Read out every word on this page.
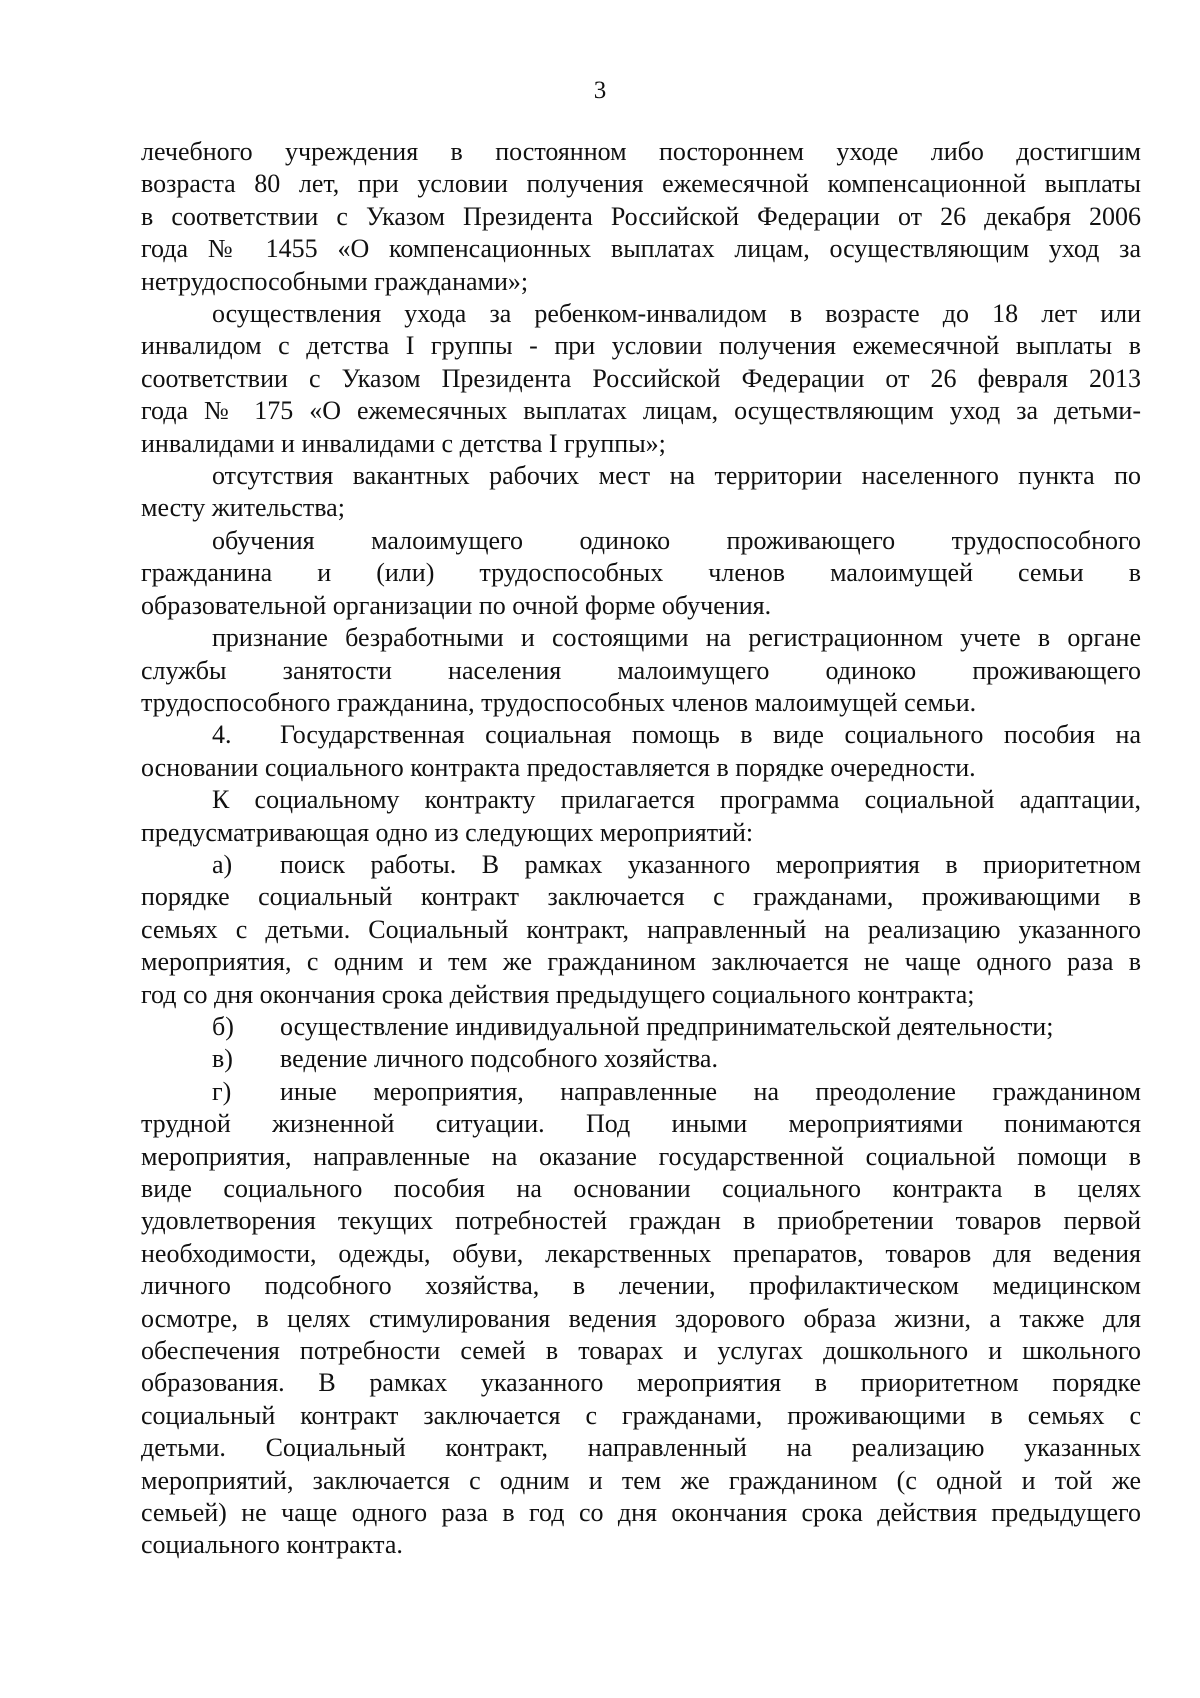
3
лечебного учреждения в постоянном постороннем уходе либо достигшим
возраста 80 лет, при условии получения ежемесячной компенсационной выплаты
в соответствии с Указом Президента Российской Федерации от 26 декабря 2006
года № 1455 «О компенсационных выплатах лицам, осуществляющим уход за
нетрудоспособными гражданами»;
осуществления ухода за ребенком-инвалидом в возрасте до 18 лет или
инвалидом с детства I группы - при условии получения ежемесячной выплаты в
соответствии с Указом Президента Российской Федерации от 26 февраля 2013
года № 175 «О ежемесячных выплатах лицам, осуществляющим уход за детьми-
инвалидами и инвалидами с детства I группы»;
отсутствия вакантных рабочих мест на территории населенного пункта по
месту жительства;
обучения малоимущего одиноко проживающего трудоспособного
гражданина и (или) трудоспособных членов малоимущей семьи в
образовательной организации по очной форме обучения.
признание безработными и состоящими на регистрационном учете в органе
службы занятости населения малоимущего одиноко проживающего
трудоспособного гражданина, трудоспособных членов малоимущей семьи.
4. Государственная социальная помощь в виде социального пособия на
основании социального контракта предоставляется в порядке очередности.
К социальному контракту прилагается программа социальной адаптации,
предусматривающая одно из следующих мероприятий:
а) поиск работы. В рамках указанного мероприятия в приоритетном
порядке социальный контракт заключается с гражданами, проживающими в
семьях с детьми. Социальный контракт, направленный на реализацию указанного
мероприятия, с одним и тем же гражданином заключается не чаще одного раза в
год со дня окончания срока действия предыдущего социального контракта;
б) осуществление индивидуальной предпринимательской деятельности;
в) ведение личного подсобного хозяйства.
г) иные мероприятия, направленные на преодоление гражданином
трудной жизненной ситуации. Под иными мероприятиями понимаются
мероприятия, направленные на оказание государственной социальной помощи в
виде социального пособия на основании социального контракта в целях
удовлетворения текущих потребностей граждан в приобретении товаров первой
необходимости, одежды, обуви, лекарственных препаратов, товаров для ведения
личного подсобного хозяйства, в лечении, профилактическом медицинском
осмотре, в целях стимулирования ведения здорового образа жизни, а также для
обеспечения потребности семей в товарах и услугах дошкольного и школьного
образования. В рамках указанного мероприятия в приоритетном порядке
социальный контракт заключается с гражданами, проживающими в семьях с
детьми. Социальный контракт, направленный на реализацию указанных
мероприятий, заключается с одним и тем же гражданином (с одной и той же
семьей) не чаще одного раза в год со дня окончания срока действия предыдущего
социального контракта.
